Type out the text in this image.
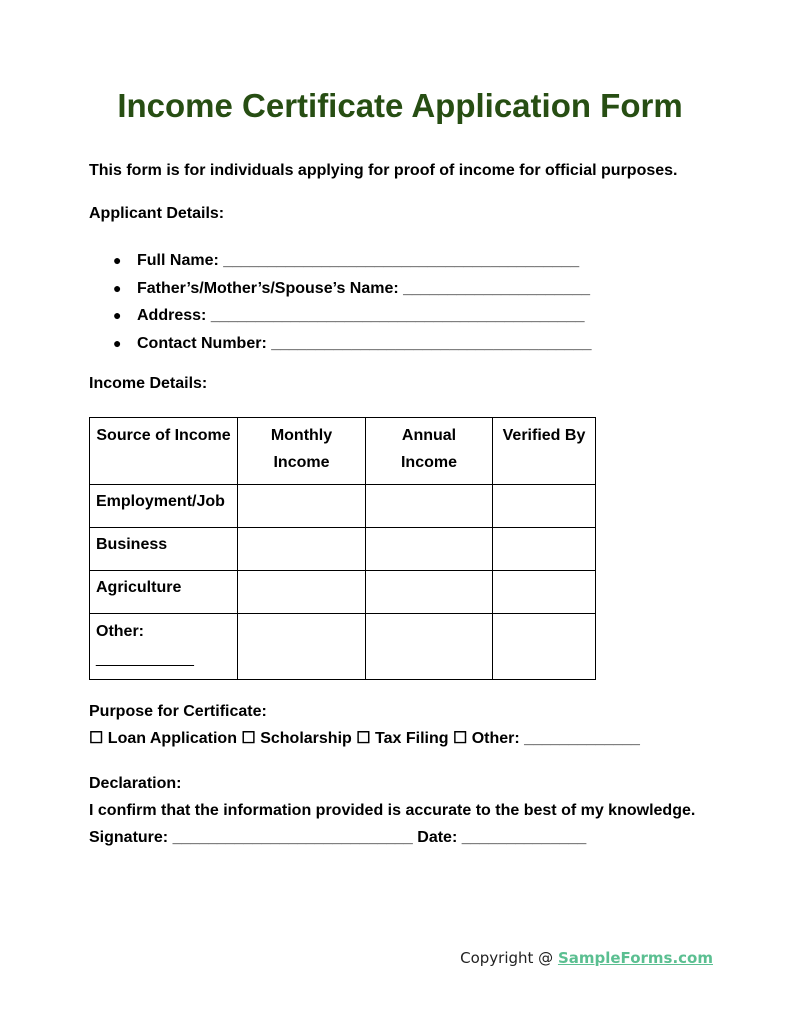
Income Certificate Application Form
This form is for individuals applying for proof of income for official purposes.
Applicant Details:
● Full Name: ________________________________________
● Father’s/Mother’s/Spouse’s Name: _____________________
● Address: __________________________________________
● Contact Number: ____________________________________
Income Details:
Source of Income	Monthly Income	Annual Income	Verified By
Employment/Job			
Business			
Agriculture			
Other:
___________			
Purpose for Certificate:
☐ Loan Application ☐ Scholarship ☐ Tax Filing ☐ Other: _____________
Declaration:
I confirm that the information provided is accurate to the best of my knowledge.
Signature: ___________________________ Date: ______________
Copyright @ SampleForms.com
